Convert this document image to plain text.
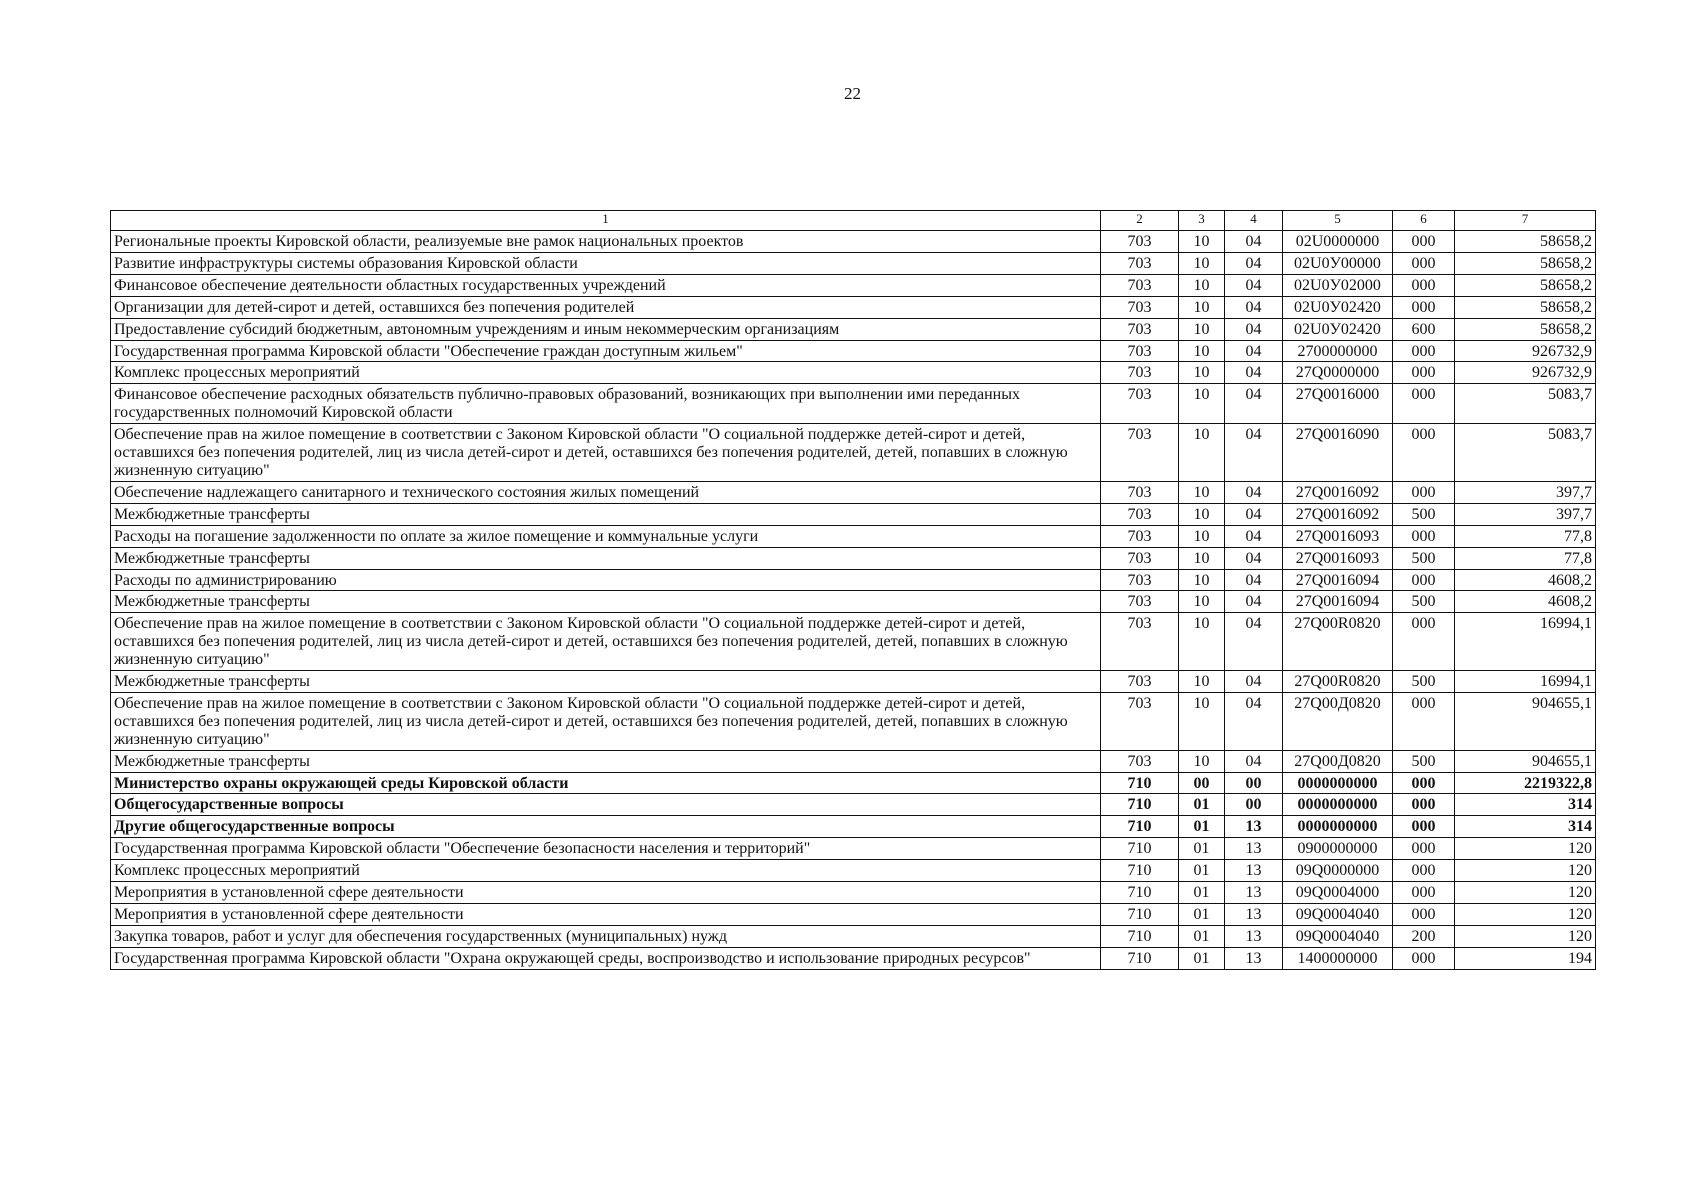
22
1	2	3	4	5	6	7
Региональные проекты Кировской области, реализуемые вне рамок национальных проектов	703	10	04	02U0000000	000	58658,2
Развитие инфраструктуры системы образования Кировской области	703	10	04	02U0У00000	000	58658,2
Финансовое обеспечение деятельности областных государственных учреждений	703	10	04	02U0У02000	000	58658,2
Организации для детей-сирот и детей, оставшихся без попечения родителей	703	10	04	02U0У02420	000	58658,2
Предоставление субсидий бюджетным, автономным учреждениям и иным некоммерческим организациям	703	10	04	02U0У02420	600	58658,2
Государственная программа Кировской области "Обеспечение граждан доступным жильем"	703	10	04	2700000000	000	926732,9
Комплекс процессных мероприятий	703	10	04	27Q0000000	000	926732,9
Финансовое обеспечение расходных обязательств публично-правовых образований, возникающих при выполнении ими переданных государственных полномочий Кировской области	703	10	04	27Q0016000	000	5083,7
Обеспечение прав на жилое помещение в соответствии с Законом Кировской области "О социальной поддержке детей-сирот и детей, оставшихся без попечения родителей, лиц из числа детей-сирот и детей, оставшихся без попечения родителей, детей, попавших в сложную жизненную ситуацию"	703	10	04	27Q0016090	000	5083,7
Обеспечение надлежащего санитарного и технического состояния жилых помещений	703	10	04	27Q0016092	000	397,7
Межбюджетные трансферты	703	10	04	27Q0016092	500	397,7
Расходы на погашение задолженности по оплате за жилое помещение и коммунальные услуги	703	10	04	27Q0016093	000	77,8
Межбюджетные трансферты	703	10	04	27Q0016093	500	77,8
Расходы по администрированию	703	10	04	27Q0016094	000	4608,2
Межбюджетные трансферты	703	10	04	27Q0016094	500	4608,2
Обеспечение прав на жилое помещение в соответствии с Законом Кировской области "О социальной поддержке детей-сирот и детей, оставшихся без попечения родителей, лиц из числа детей-сирот и детей, оставшихся без попечения родителей, детей, попавших в сложную жизненную ситуацию"	703	10	04	27Q00R0820	000	16994,1
Межбюджетные трансферты	703	10	04	27Q00R0820	500	16994,1
Обеспечение прав на жилое помещение в соответствии с Законом Кировской области "О социальной поддержке детей-сирот и детей, оставшихся без попечения родителей, лиц из числа детей-сирот и детей, оставшихся без попечения родителей, детей, попавших в сложную жизненную ситуацию"	703	10	04	27Q00Д0820	000	904655,1
Межбюджетные трансферты	703	10	04	27Q00Д0820	500	904655,1
Министерство охраны окружающей среды Кировской области	710	00	00	0000000000	000	2219322,8
Общегосударственные вопросы	710	01	00	0000000000	000	314
Другие общегосударственные вопросы	710	01	13	0000000000	000	314
Государственная программа Кировской области "Обеспечение безопасности населения и территорий"	710	01	13	0900000000	000	120
Комплекс процессных мероприятий	710	01	13	09Q0000000	000	120
Мероприятия в установленной сфере деятельности	710	01	13	09Q0004000	000	120
Мероприятия в установленной сфере деятельности	710	01	13	09Q0004040	000	120
Закупка товаров, работ и услуг для обеспечения государственных (муниципальных) нужд	710	01	13	09Q0004040	200	120
Государственная программа Кировской области "Охрана окружающей среды, воспроизводство и использование природных ресурсов"	710	01	13	1400000000	000	194
